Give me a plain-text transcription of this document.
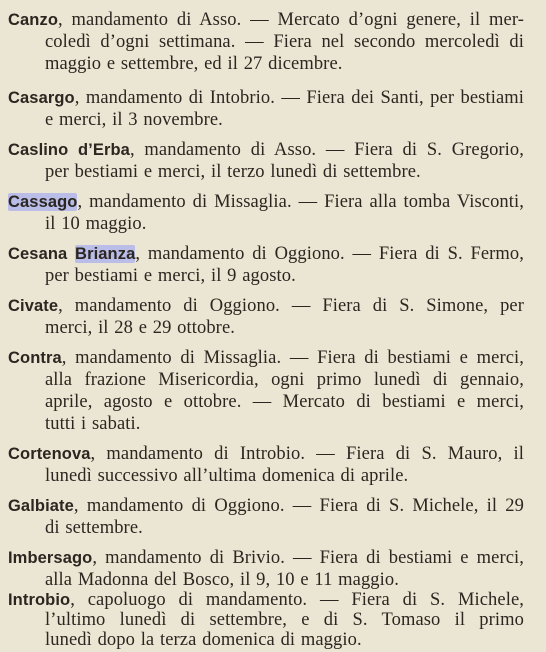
Canzo, mandamento di Asso. — Mercato d’ogni genere, il mer-
coledì d’ogni settimana. — Fiera nel secondo mercoledì di
maggio e settembre, ed il 27 dicembre.
Casargo, mandamento di Intobrio. — Fiera dei Santi, per bestiami
e merci, il 3 novembre.
Caslino d’Erba, mandamento di Asso. — Fiera di S. Gregorio,
per bestiami e merci, il terzo lunedì di settembre.
Cassago, mandamento di Missaglia. — Fiera alla tomba Visconti,
il 10 maggio.
Cesana Brianza, mandamento di Oggiono. — Fiera di S. Fermo,
per bestiami e merci, il 9 agosto.
Civate, mandamento di Oggiono. — Fiera di S. Simone, per
merci, il 28 e 29 ottobre.
Contra, mandamento di Missaglia. — Fiera di bestiami e merci,
alla frazione Misericordia, ogni primo lunedì di gennaio,
aprile, agosto e ottobre. — Mercato di bestiami e merci,
tutti i sabati.
Cortenova, mandamento di Introbio. — Fiera di S. Mauro, il
lunedì successivo all’ultima domenica di aprile.
Galbiate, mandamento di Oggiono. — Fiera di S. Michele, il 29
di settembre.
Imbersago, mandamento di Brivio. — Fiera di bestiami e merci,
alla Madonna del Bosco, il 9, 10 e 11 maggio.
Introbio, capoluogo di mandamento. — Fiera di S. Michele,
l’ultimo lunedì di settembre, e di S. Tomaso il primo
lunedì dopo la terza domenica di maggio.
